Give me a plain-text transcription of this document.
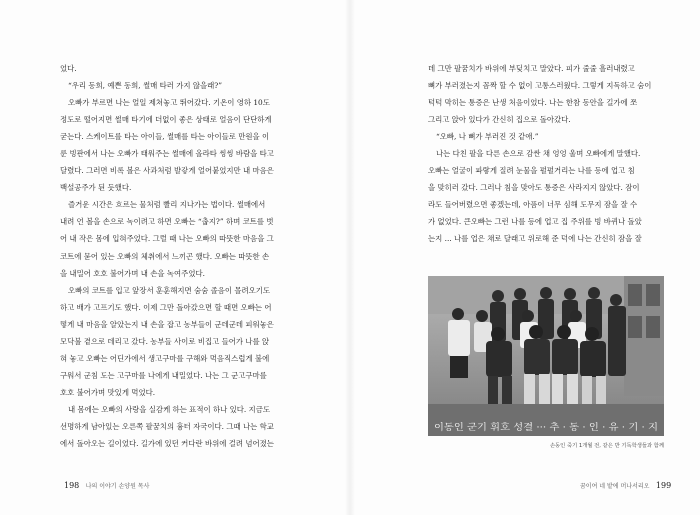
었다.
“우리 동희, 예쁜 동희, 썰매 타러 가지 않을래?”
오빠가 부르면 나는 얼일 제쳐놓고 뛰어갔다. 기온이 영하 10도
정도로 떨어지면 썰매 타기에 더없이 좋은 상태로 얼음이 단단하게
굳는다. 스케이트를 타는 아이들, 썰매를 타는 아이들로 만원을 이
룬 빙판에서 나는 오빠가 태워주는 썰매에 올라타 씽씽 바람을 타고
달렸다. 그러면 비록 볼은 사과처럼 발갛게 얼어붙었지만 내 마음은
백설공주가 된 듯했다.
즐거운 시간은 흐르는 물처럼 빨리 지나가는 법이다. 썰매에서
내려 언 볼을 손으로 녹이려고 하면 오빠는 “춥지?” 하며 코트를 벗
어 내 작은 몸에 입혀주었다. 그럴 때 나는 오빠의 따뜻한 마음을 그
코트에 묻어 있는 오빠의 체취에서 느끼곤 했다. 오빠는 따뜻한 손
을 내밀어 호호 불어가며 내 손을 녹여주었다.
오빠의 코트를 입고 앞장서 훈훈해지면 숨숨 졸음이 몰려오기도
하고 배가 고프기도 했다. 이제 그만 돌아갔으면 할 때면 오빠는 어
떻게 내 마음을 알았는지 내 손을 잡고 농부들이 군데군데 피워놓은
모닥불 곁으로 데리고 갔다. 농부들 사이로 비집고 들어가 나를 앉
혀 놓고 오빠는 어딘가에서 생고구마를 구해와 먹음직스럽게 불에
구워서 군침 도는 고구마를 나에게 내밀었다. 나는 그 군고구마를
호호 불어가며 맛있게 먹었다.
내 몸에는 오빠의 사랑을 실감케 하는 표적이 하나 있다. 지금도
선명하게 남아있는 오른쪽 팔꿈치의 흉터 자국이다. 그때 나는 학교
에서 돌아오는 길이었다. 길가에 있던 커다란 바위에 걸려 넘어졌는
198 나의 이야기 손양원 목사
데 그만 팔꿈치가 바위에 부딪치고 말았다. 피가 줄줄 흘러내렸고
뼈가 부러졌는지 꼼짝 할 수 없이 고통스러웠다. 그렇게 지독하고 숨이
턱턱 막히는 통증은 난생 처음이었다. 나는 한참 동안을 길가에 쪼
그리고 앉아 있다가 간신히 집으로 돌아갔다.
“오빠, 나 뼈가 부러진 것 같애.”
나는 다친 팔을 다른 손으로 감싼 채 엉엉 울며 오빠에게 말했다.
오빠는 얼굴이 파랗게 질려 눈물을 펄펄거리는 나를 등에 업고 침
을 맞히러 갔다. 그러나 침을 맞아도 통증은 사라지지 않았다. 잠이
라도 들어버렸으면 좋겠는데, 아픔이 너무 심해 도무지 잠을 잘 수
가 없었다. 큰오빠는 그런 나를 등에 업고 집 주위를 빙 바퀴나 돌았
는지 ... 나를 업은 채로 달래고 위로해 준 덕에 나는 간신히 잠을 잘
이동인 군기 휘호 성결 ··· 추 · 동 · 인 · 유 · 기 · 지
손동인 죽기 1개월 전, 같은 반 기독학생들과 함께
꿈이여 네 밭에 머나서리오 199
